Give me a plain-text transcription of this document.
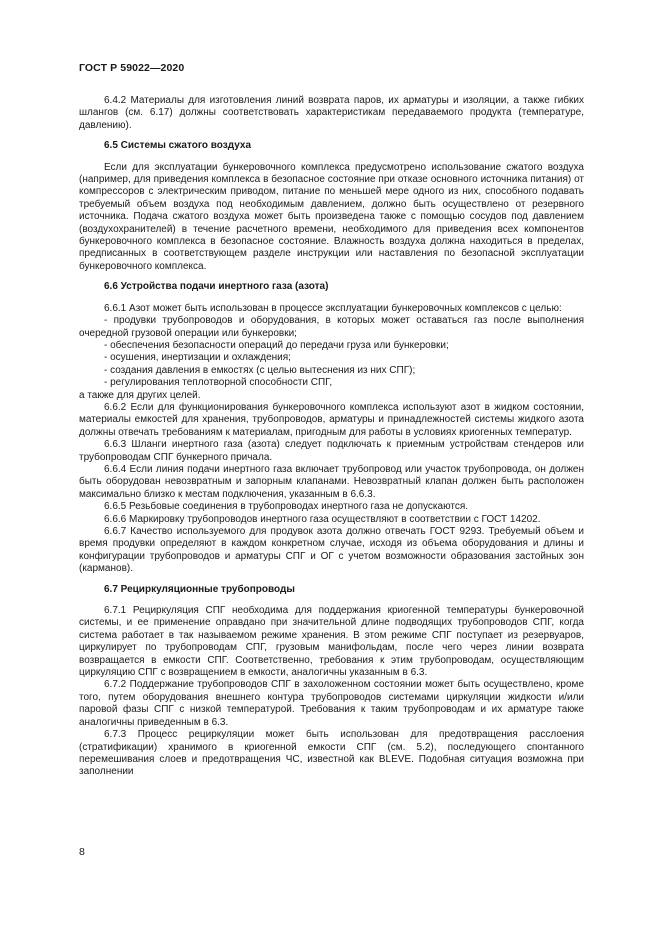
ГОСТ Р 59022—2020

6.4.2 Материалы для изготовления линий возврата паров, их арматуры и изоляции, а также гибких шлангов (см. 6.17) должны соответствовать характеристикам передаваемого продукта (температуре, давлению).

6.5 Системы сжатого воздуха

Если для эксплуатации бункеровочного комплекса предусмотрено использование сжатого воздуха (например, для приведения комплекса в безопасное состояние при отказе основного источника питания) от компрессоров с электрическим приводом, питание по меньшей мере одного из них, способного подавать требуемый объем воздуха под необходимым давлением, должно быть осуществлено от резервного источника. Подача сжатого воздуха может быть произведена также с помощью сосудов под давлением (воздухохранителей) в течение расчетного времени, необходимого для приведения всех компонентов бункеровочного комплекса в безопасное состояние. Влажность воздуха должна находиться в пределах, предписанных в соответствующем разделе инструкции или наставления по безопасной эксплуатации бункеровочного комплекса.

6.6 Устройства подачи инертного газа (азота)

6.6.1 Азот может быть использован в процессе эксплуатации бункеровочных комплексов с целью:

- продувки трубопроводов и оборудования, в которых может оставаться газ после выполнения очередной грузовой операции или бункеровки;

- обеспечения безопасности операций до передачи груза или бункеровки;

- осушения, инертизации и охлаждения;

- создания давления в емкостях (с целью вытеснения из них СПГ);

- регулирования теплотворной способности СПГ,

а также для других целей.

6.6.2 Если для функционирования бункеровочного комплекса используют азот в жидком состоянии, материалы емкостей для хранения, трубопроводов, арматуры и принадлежностей системы жидкого азота должны отвечать требованиям к материалам, пригодным для работы в условиях криогенных температур.

6.6.3 Шланги инертного газа (азота) следует подключать к приемным устройствам стендеров или трубопроводам СПГ бункерного причала.

6.6.4 Если линия подачи инертного газа включает трубопровод или участок трубопровода, он должен быть оборудован невозвратным и запорным клапанами. Невозвратный клапан должен быть расположен максимально близко к местам подключения, указанным в 6.6.3.

6.6.5 Резьбовые соединения в трубопроводах инертного газа не допускаются.

6.6.6 Маркировку трубопроводов инертного газа осуществляют в соответствии с ГОСТ 14202.

6.6.7 Качество используемого для продувок азота должно отвечать ГОСТ 9293. Требуемый объем и время продувки определяют в каждом конкретном случае, исходя из объема оборудования и длины и конфигурации трубопроводов и арматуры СПГ и ОГ с учетом возможности образования застойных зон (карманов).

6.7 Рециркуляционные трубопроводы

6.7.1 Рециркуляция СПГ необходима для поддержания криогенной температуры бункеровочной системы, и ее применение оправдано при значительной длине подводящих трубопроводов СПГ, когда система работает в так называемом режиме хранения. В этом режиме СПГ поступает из резервуаров, циркулирует по трубопроводам СПГ, грузовым манифольдам, после чего через линии возврата возвращается в емкости СПГ. Соответственно, требования к этим трубопроводам, осуществляющим циркуляцию СПГ с возвращением в емкости, аналогичны указанным в 6.3.

6.7.2 Поддержание трубопроводов СПГ в захоложенном состоянии может быть осуществлено, кроме того, путем оборудования внешнего контура трубопроводов системами циркуляции жидкости и/или паровой фазы СПГ с низкой температурой. Требования к таким трубопроводам и их арматуре также аналогичны приведенным в 6.3.

6.7.3 Процесс рециркуляции может быть использован для предотвращения расслоения (стратификации) хранимого в криогенной емкости СПГ (см. 5.2), последующего спонтанного перемешивания слоев и предотвращения ЧС, известной как BLEVE. Подобная ситуация возможна при заполнении

8
